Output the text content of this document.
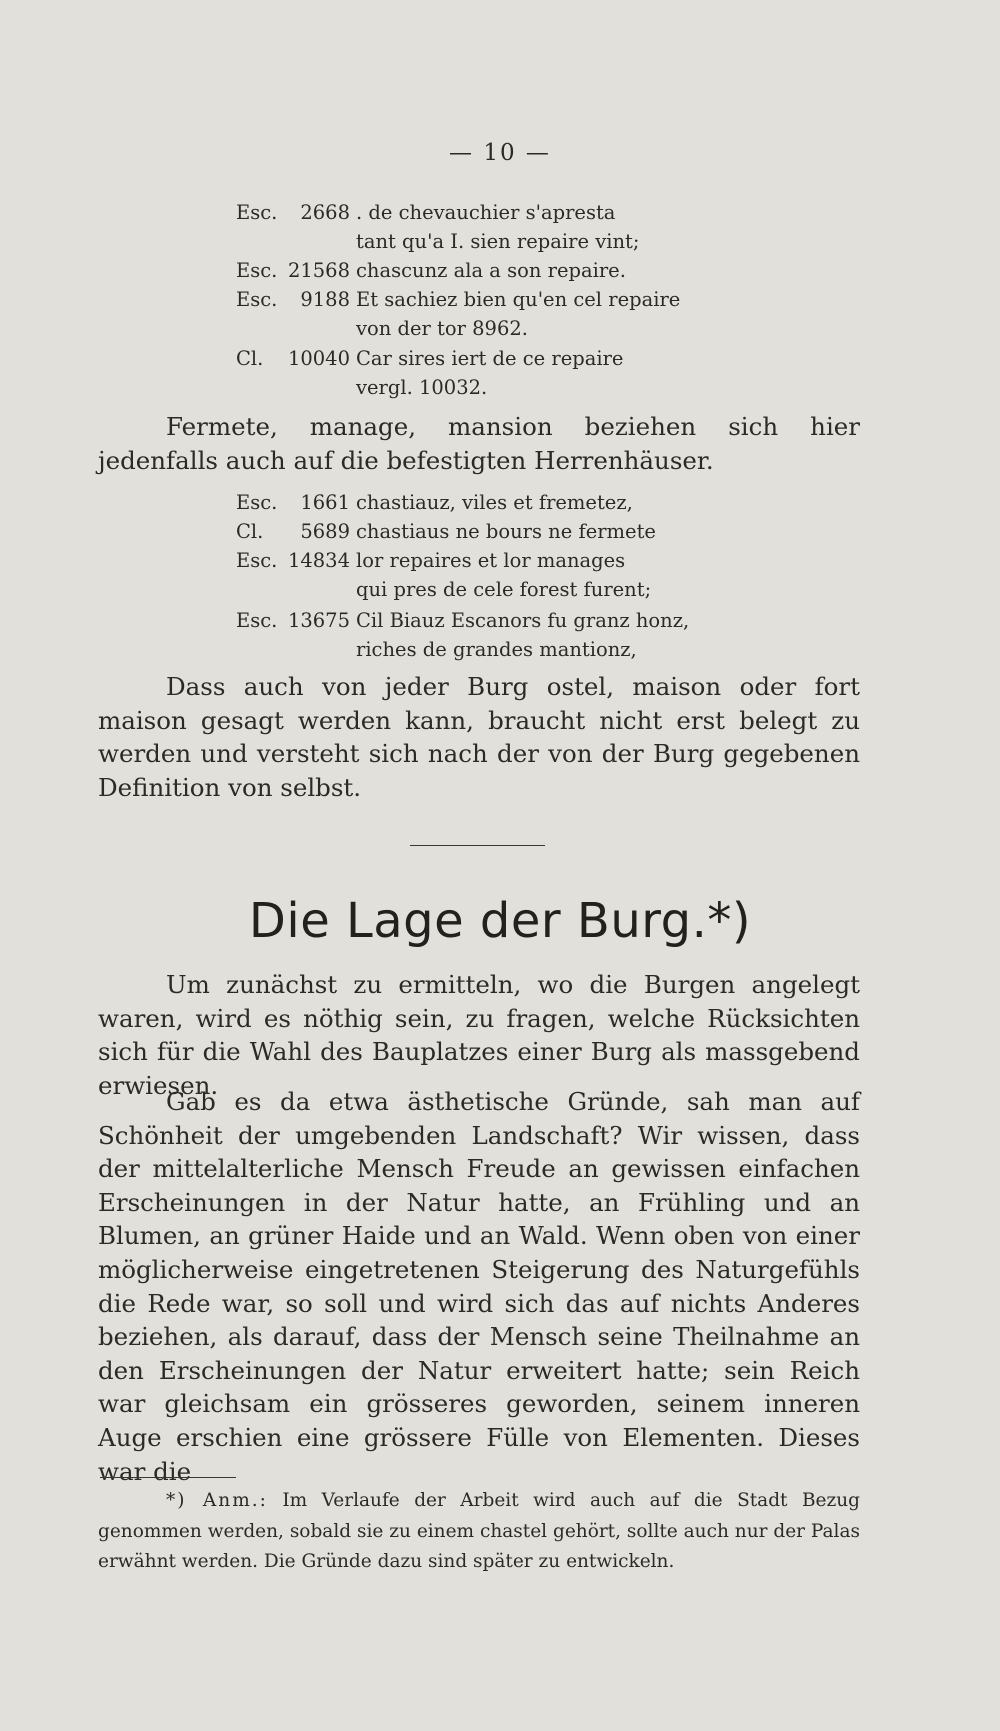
— 10 —
Esc.	2668 . de chevauchier s'apresta
tant qu'a I. sien repaire vint;
Esc. 21568 chascunz ala a son repaire.
Esc.	9188 Et sachiez bien qu'en cel repaire
von der tor 8962.
Cl.	10040 Car sires iert de ce repaire
vergl. 10032.

Fermete, manage, mansion beziehen sich hier jedenfalls auch auf die befestigten Herrenhäuser.

Esc.	1661 chastiauz, viles et fremetez,
Cl.	5689 chastiaus ne bours ne fermete
Esc. 14834 lor repaires et lor manages
qui pres de cele forest furent;
Esc. 13675 Cil Biauz Escanors fu granz honz,
riches de grandes mantionz,

Dass auch von jeder Burg ostel, maison oder fort maison gesagt werden kann, braucht nicht erst belegt zu werden und versteht sich nach der von der Burg gegebenen Definition von selbst.

Die Lage der Burg.*)

Um zunächst zu ermitteln, wo die Burgen angelegt waren, wird es nöthig sein, zu fragen, welche Rücksichten sich für die Wahl des Bauplatzes einer Burg als massgebend erwiesen.

Gab es da etwa ästhetische Gründe, sah man auf Schönheit der umgebenden Landschaft? Wir wissen, dass der mittelalterliche Mensch Freude an gewissen einfachen Erscheinungen in der Natur hatte, an Frühling und an Blumen, an grüner Haide und an Wald. Wenn oben von einer möglicherweise eingetretenen Steigerung des Naturgefühls die Rede war, so soll und wird sich das auf nichts Anderes beziehen, als darauf, dass der Mensch seine Theilnahme an den Erscheinungen der Natur erweitert hatte; sein Reich war gleichsam ein grösseres geworden, seinem inneren Auge erschien eine grössere Fülle von Elementen. Dieses war die

*) Anm.: Im Verlaufe der Arbeit wird auch auf die Stadt Bezug genommen werden, sobald sie zu einem chastel gehört, sollte auch nur der Palas erwähnt werden. Die Gründe dazu sind später zu entwickeln.
